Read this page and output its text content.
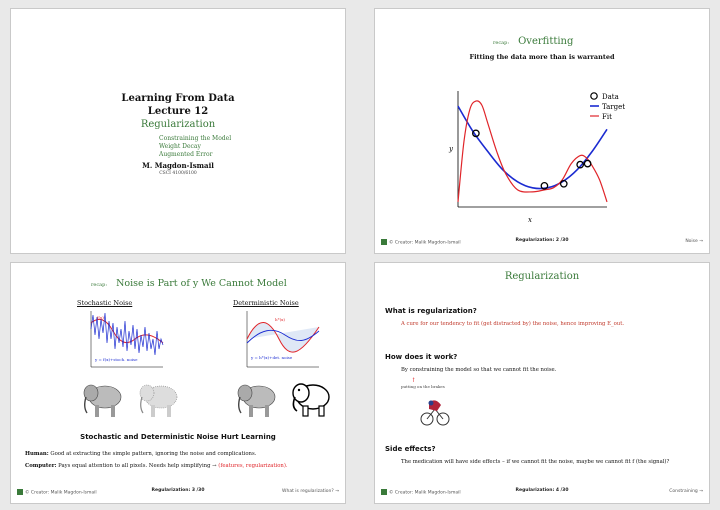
Learning From Data
Lecture 12
Regularization
Constraining the Model
Weight Decay
Augmented Error
M. Magdon-Ismail
CSCI 4100/6100
recap: Overfitting
Fitting the data more than is warranted
x
y
Data
Target
Fit
© Creator: Malik Magdon-Ismail	Regularization: 2 /30	Noise →
recap: Noise is Part of y We Cannot Model
Stochastic Noise	Deterministic Noise
f(x)
y = f(x)+stoch. noise
h*(x)
y = h*(x)+det. noise
Stochastic and Deterministic Noise Hurt Learning
Human: Good at extracting the simple pattern, ignoring the noise and complications.
Computer: Pays equal attention to all pixels. Needs help simplifying → (features, regularization).
© Creator: Malik Magdon-Ismail	Regularization: 3 /30	What is regularization? →
Regularization
What is regularization?
A cure for our tendency to fit (get distracted by) the noise, hence improving E_out.
How does it work?
By constraining the model so that we cannot fit the noise.
↑
putting on the brakes
Side effects?
The medication will have side effects – if we cannot fit the noise, maybe we cannot fit f (the signal)?
© Creator: Malik Magdon-Ismail	Regularization: 4 /30	Constraining →
